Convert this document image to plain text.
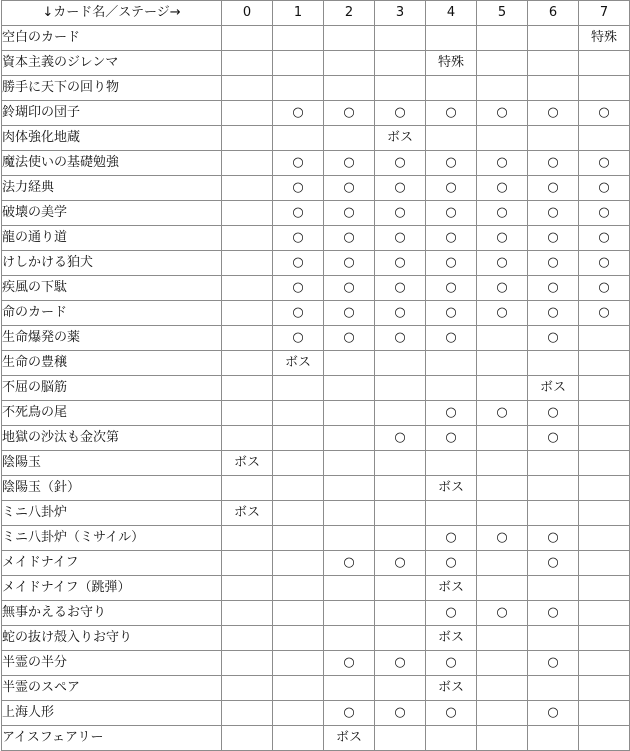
↓カード名／ステージ→	0	1	2	3	4	5	6	7
空白のカード								特殊
資本主義のジレンマ					特殊			
勝手に天下の回り物								
鈴瑚印の団子		○	○	○	○	○	○	○
肉体強化地蔵				ボス				
魔法使いの基礎勉強		○	○	○	○	○	○	○
法力経典		○	○	○	○	○	○	○
破壊の美学		○	○	○	○	○	○	○
龍の通り道		○	○	○	○	○	○	○
けしかける狛犬		○	○	○	○	○	○	○
疾風の下駄		○	○	○	○	○	○	○
命のカード		○	○	○	○	○	○	○
生命爆発の薬		○	○	○	○		○	
生命の豊穣		ボス						
不屈の脳筋							ボス	
不死鳥の尾					○	○	○	
地獄の沙汰も金次第				○	○		○	
陰陽玉	ボス							
陰陽玉（針）					ボス			
ミニ八卦炉	ボス							
ミニ八卦炉（ミサイル）					○	○	○	
メイドナイフ			○	○	○		○	
メイドナイフ（跳弾）					ボス			
無事かえるお守り					○	○	○	
蛇の抜け殻入りお守り					ボス			
半霊の半分			○	○	○		○	
半霊のスペア					ボス			
上海人形			○	○	○		○	
アイスフェアリー			ボス					
